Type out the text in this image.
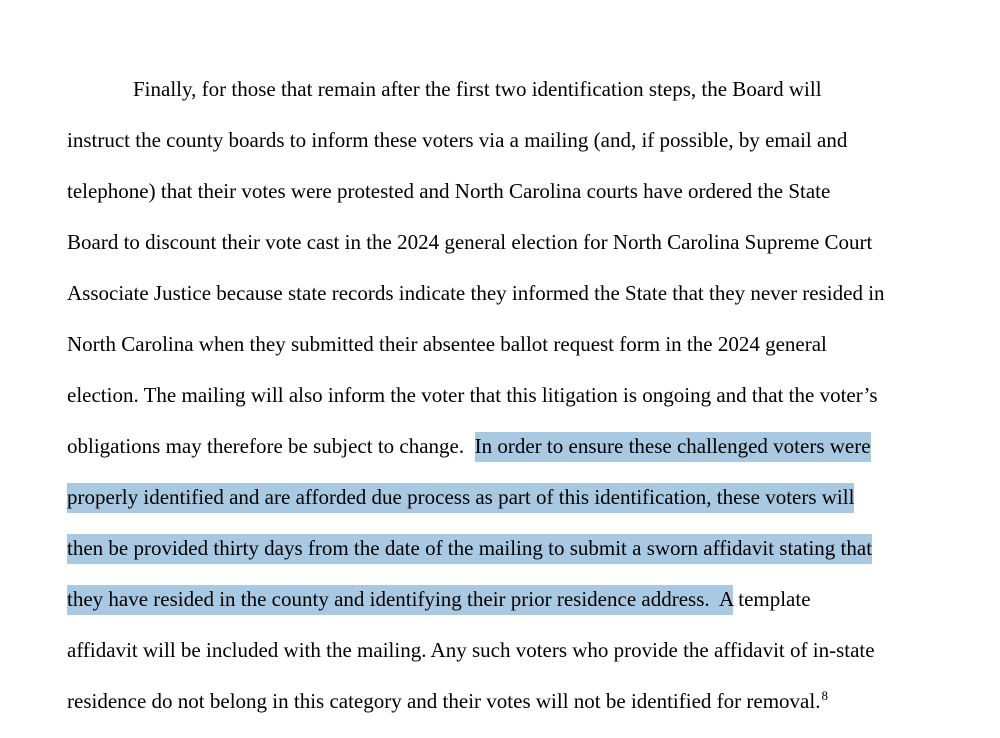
Finally, for those that remain after the first two identification steps, the Board will
instruct the county boards to inform these voters via a mailing (and, if possible, by email and
telephone) that their votes were protested and North Carolina courts have ordered the State
Board to discount their vote cast in the 2024 general election for North Carolina Supreme Court
Associate Justice because state records indicate they informed the State that they never resided in
North Carolina when they submitted their absentee ballot request form in the 2024 general
election. The mailing will also inform the voter that this litigation is ongoing and that the voter’s
obligations may therefore be subject to change.  In order to ensure these challenged voters were
properly identified and are afforded due process as part of this identification, these voters will
then be provided thirty days from the date of the mailing to submit a sworn affidavit stating that
they have resided in the county and identifying their prior residence address.  A template
affidavit will be included with the mailing. Any such voters who provide the affidavit of in-state
residence do not belong in this category and their votes will not be identified for removal.$^8$
